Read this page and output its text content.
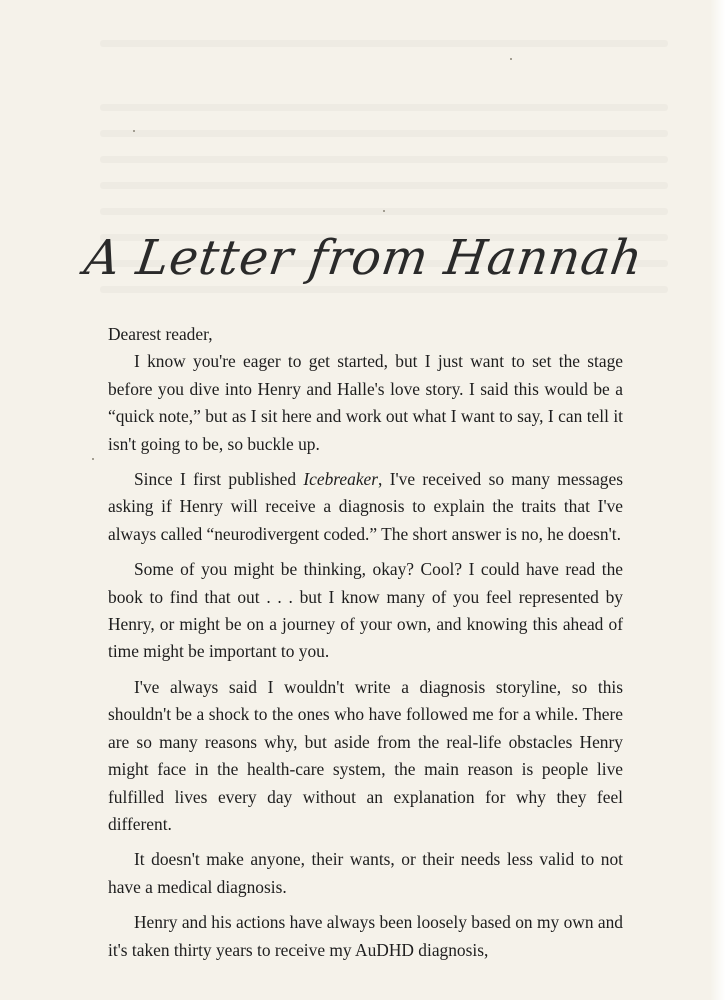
A Letter from Hannah

Dearest reader,

I know you're eager to get started, but I just want to set the stage before you dive into Henry and Halle's love story. I said this would be a “quick note,” but as I sit here and work out what I want to say, I can tell it isn't going to be, so buckle up.

Since I first published Icebreaker, I've received so many messages asking if Henry will receive a diagnosis to explain the traits that I've always called “neurodivergent coded.” The short answer is no, he doesn't.

Some of you might be thinking, okay? Cool? I could have read the book to find that out . . . but I know many of you feel represented by Henry, or might be on a journey of your own, and knowing this ahead of time might be important to you.

I've always said I wouldn't write a diagnosis storyline, so this shouldn't be a shock to the ones who have followed me for a while. There are so many reasons why, but aside from the real-life obstacles Henry might face in the health-care system, the main reason is people live fulfilled lives every day without an explanation for why they feel different.

It doesn't make anyone, their wants, or their needs less valid to not have a medical diagnosis.

Henry and his actions have always been loosely based on my own and it's taken thirty years to receive my AuDHD diagnosis,
